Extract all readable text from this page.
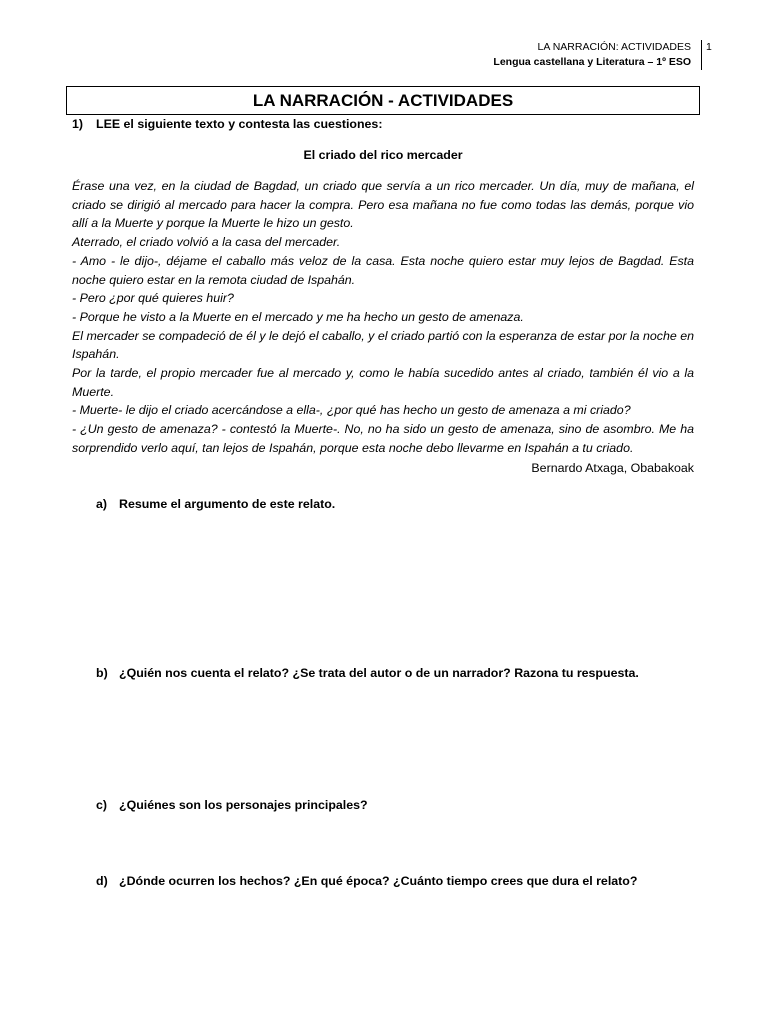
LA NARRACIÓN: ACTIVIDADES
Lengua castellana y Literatura – 1º ESO
1
LA NARRACIÓN - ACTIVIDADES
1) LEE el siguiente texto y contesta las cuestiones:
El criado del rico mercader

Érase una vez, en la ciudad de Bagdad, un criado que servía a un rico mercader. Un día, muy de mañana, el criado se dirigió al mercado para hacer la compra. Pero esa mañana no fue como todas las demás, porque vio allí a la Muerte y porque la Muerte le hizo un gesto.

Aterrado, el criado volvió a la casa del mercader.

- Amo - le dijo-, déjame el caballo más veloz de la casa. Esta noche quiero estar muy lejos de Bagdad. Esta noche quiero estar en la remota ciudad de Ispahán.

- Pero ¿por qué quieres huir?

- Porque he visto a la Muerte en el mercado y me ha hecho un gesto de amenaza.

El mercader se compadeció de él y le dejó el caballo, y el criado partió con la esperanza de estar por la noche en Ispahán.

Por la tarde, el propio mercader fue al mercado y, como le había sucedido antes al criado, también él vio a la Muerte.

- Muerte- le dijo el criado acercándose a ella-, ¿por qué has hecho un gesto de amenaza a mi criado?

- ¿Un gesto de amenaza? - contestó la Muerte-. No, no ha sido un gesto de amenaza, sino de asombro. Me ha sorprendido verlo aquí, tan lejos de Ispahán, porque esta noche debo llevarme en Ispahán a tu criado.

Bernardo Atxaga, Obabakoak
a) Resume el argumento de este relato.
b) ¿Quién nos cuenta el relato? ¿Se trata del autor o de un narrador? Razona tu respuesta.
c) ¿Quiénes son los personajes principales?
d) ¿Dónde ocurren los hechos? ¿En qué época? ¿Cuánto tiempo crees que dura el relato?
